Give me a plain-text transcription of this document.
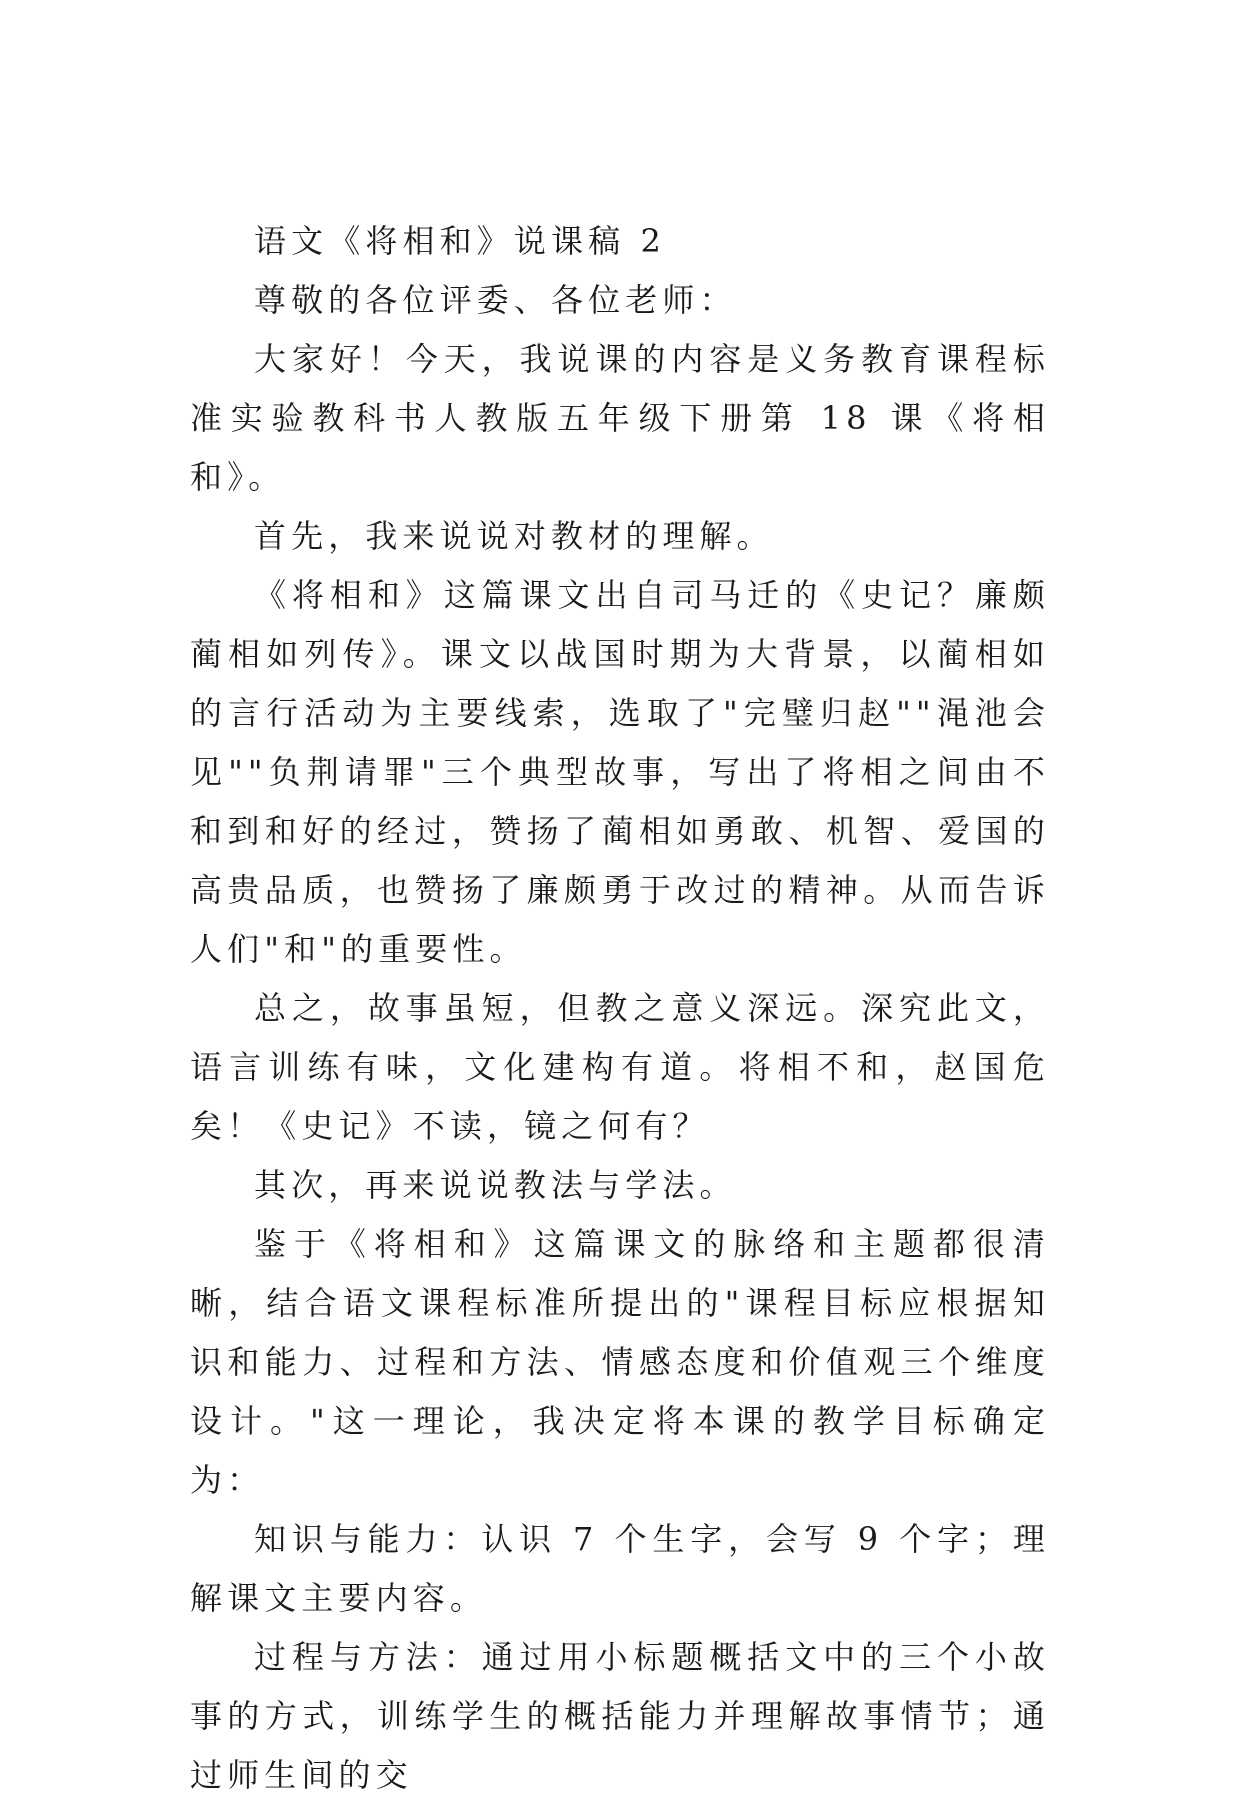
语文《将相和》说课稿 2

尊敬的各位评委、各位老师：

大家好！今天，我说课的内容是义务教育课程标准实验教科书人教版五年级下册第 18 课《将相和》。

首先，我来说说对教材的理解。

《将相和》这篇课文出自司马迁的《史记？廉颇蔺相如列传》。课文以战国时期为大背景，以蔺相如的言行活动为主要线索，选取了"完璧归赵""渑池会见""负荆请罪"三个典型故事，写出了将相之间由不和到和好的经过，赞扬了蔺相如勇敢、机智、爱国的高贵品质，也赞扬了廉颇勇于改过的精神。从而告诉人们"和"的重要性。

总之，故事虽短，但教之意义深远。深究此文，语言训练有味，文化建构有道。将相不和，赵国危矣！《史记》不读，镜之何有？

其次，再来说说教法与学法。

鉴于《将相和》这篇课文的脉络和主题都很清晰，结合语文课程标准所提出的"课程目标应根据知识和能力、过程和方法、情感态度和价值观三个维度设计。"这一理论，我决定将本课的教学目标确定为：

知识与能力：认识 7 个生字，会写 9 个字；理解课文主要内容。

过程与方法：通过用小标题概括文中的三个小故事的方式，训练学生的概括能力并理解故事情节；通过师生间的交
